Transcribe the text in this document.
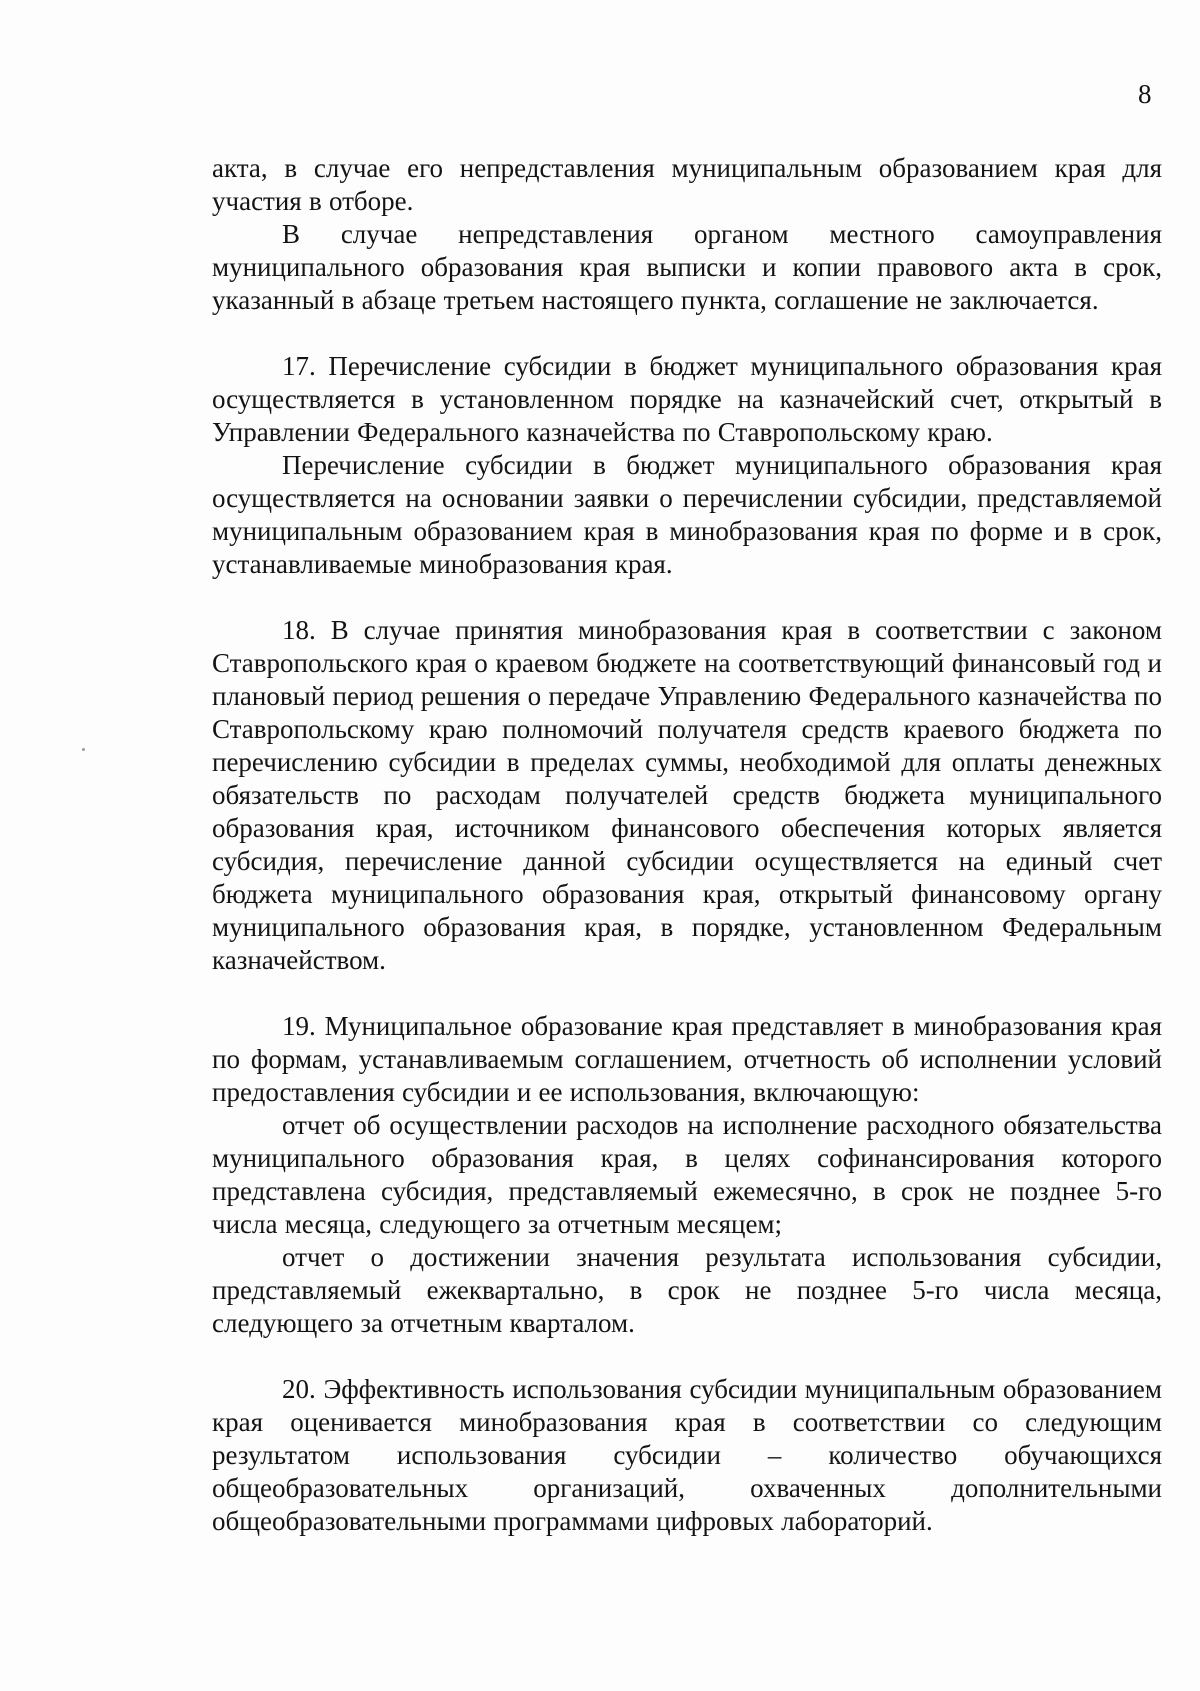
8

акта, в случае его непредставления муниципальным образованием края для участия в отборе.

В случае непредставления органом местного самоуправления муниципального образования края выписки и копии правового акта в срок, указанный в абзаце третьем настоящего пункта, соглашение не заключается.

17. Перечисление субсидии в бюджет муниципального образования края осуществляется в установленном порядке на казначейский счет, открытый в Управлении Федерального казначейства по Ставропольскому краю.

Перечисление субсидии в бюджет муниципального образования края осуществляется на основании заявки о перечислении субсидии, представляемой муниципальным образованием края в минобразования края по форме и в срок, устанавливаемые минобразования края.

18. В случае принятия минобразования края в соответствии с законом Ставропольского края о краевом бюджете на соответствующий финансовый год и плановый период решения о передаче Управлению Федерального казначейства по Ставропольскому краю полномочий получателя средств краевого бюджета по перечислению субсидии в пределах суммы, необходимой для оплаты денежных обязательств по расходам получателей средств бюджета муниципального образования края, источником финансового обеспечения которых является субсидия, перечисление данной субсидии осуществляется на единый счет бюджета муниципального образования края, открытый финансовому органу муниципального образования края, в порядке, установленном Федеральным казначейством.

19. Муниципальное образование края представляет в минобразования края по формам, устанавливаемым соглашением, отчетность об исполнении условий предоставления субсидии и ее использования, включающую:

отчет об осуществлении расходов на исполнение расходного обязательства муниципального образования края, в целях софинансирования которого представлена субсидия, представляемый ежемесячно, в срок не позднее 5-го числа месяца, следующего за отчетным месяцем;

отчет о достижении значения результата использования субсидии, представляемый ежеквартально, в срок не позднее 5-го числа месяца, следующего за отчетным кварталом.

20. Эффективность использования субсидии муниципальным образованием края оценивается минобразования края в соответствии со следующим результатом использования субсидии – количество обучающихся общеобразовательных организаций, охваченных дополнительными общеобразовательными программами цифровых лабораторий.
